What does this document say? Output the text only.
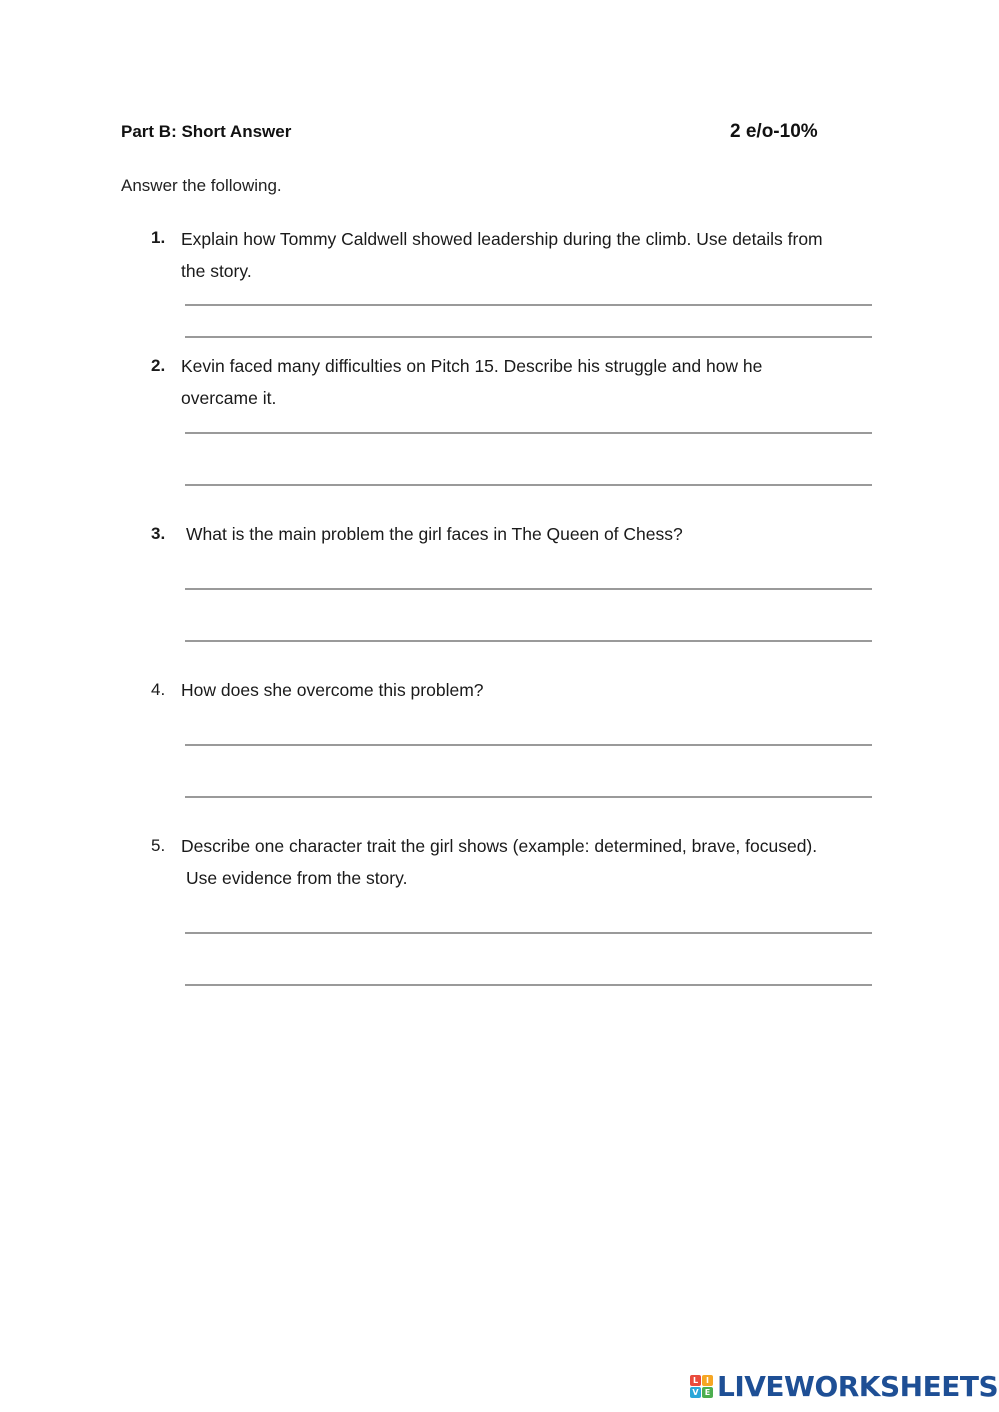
Part B: Short Answer	2 e/o-10%
Answer the following.
1. Explain how Tommy Caldwell showed leadership during the climb. Use details from
the story.
2. Kevin faced many difficulties on Pitch 15. Describe his struggle and how he
overcame it.
3. What is the main problem the girl faces in The Queen of Chess?
4. How does she overcome this problem?
5. Describe one character trait the girl shows (example: determined, brave, focused).
Use evidence from the story.
L I
V E LIVEWORKSHEETS
